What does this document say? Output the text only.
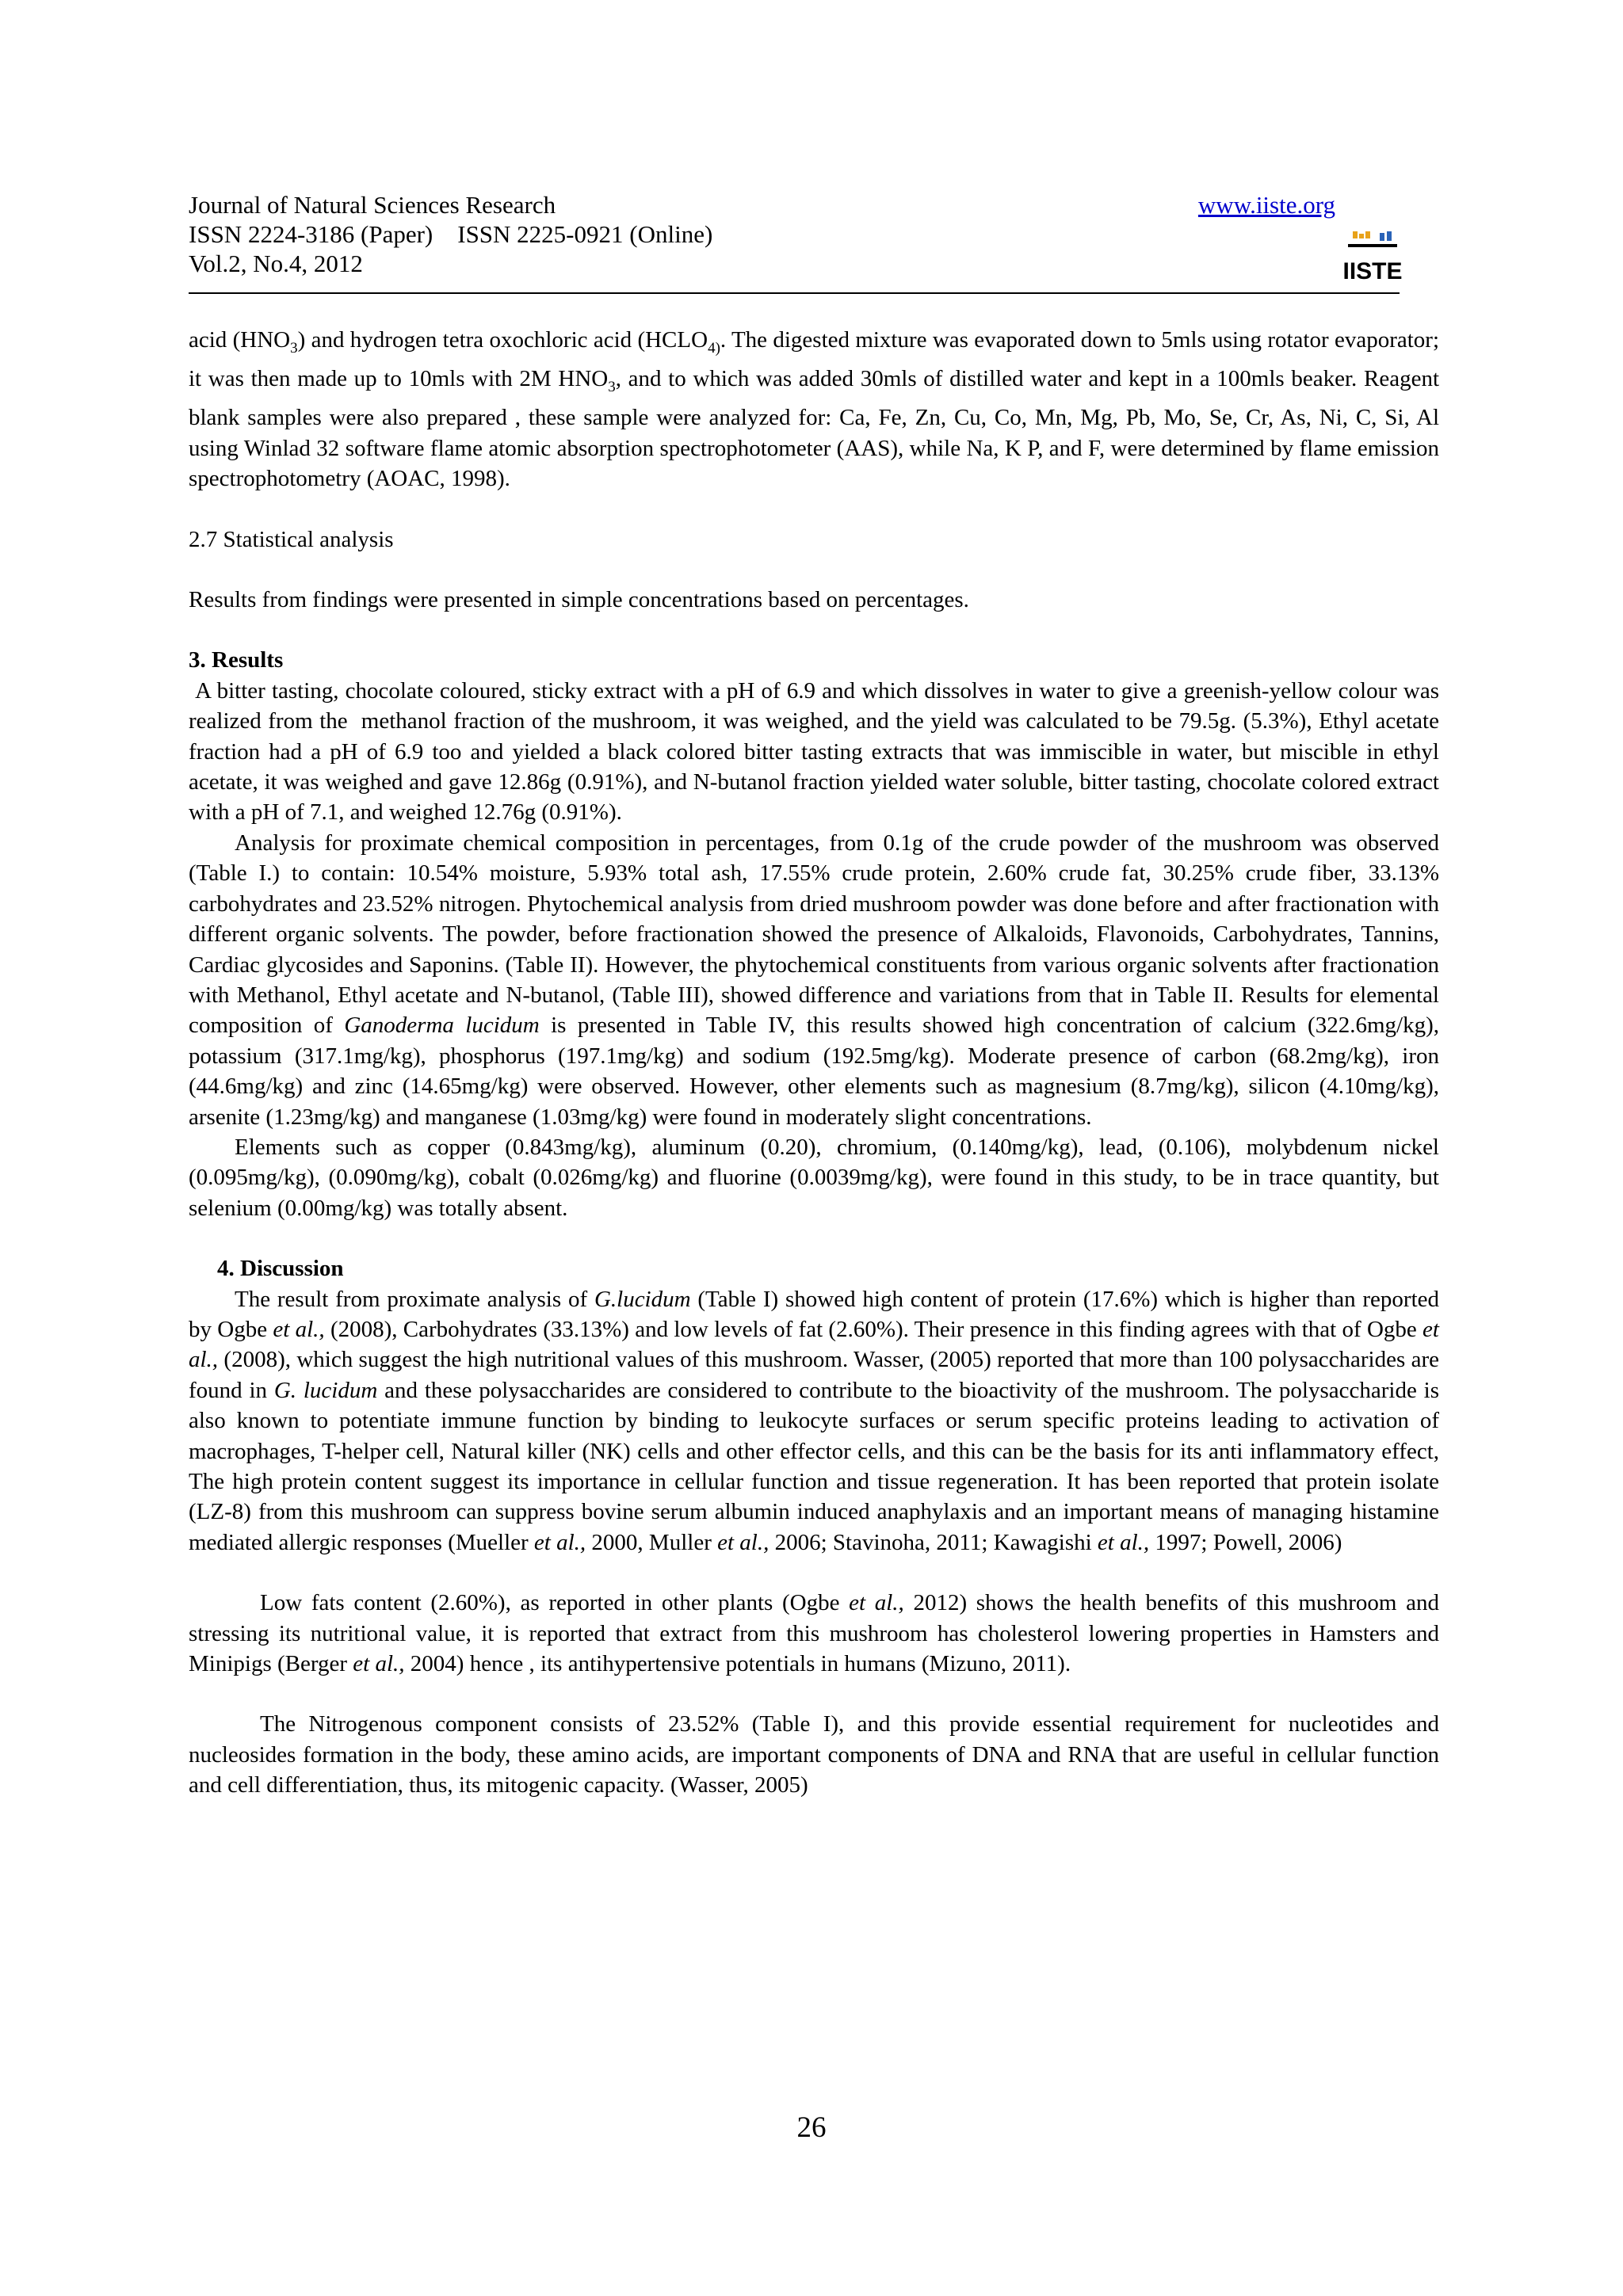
Journal of Natural Sciences Research
ISSN 2224-3186 (Paper)    ISSN 2225-0921 (Online)
Vol.2, No.4, 2012
www.iiste.org
IISTE

acid $(HNO_3)$ and hydrogen tetra oxochloric acid ($HCLO_{4)}$. The digested mixture was evaporated down to 5mls using rotator evaporator; it was then made up to 10mls with 2M $HNO_3$, and to which was added 30mls of distilled water and kept in a 100mls beaker. Reagent blank samples were also prepared , these sample were analyzed for: Ca, Fe, Zn, Cu, Co, Mn, Mg, Pb, Mo, Se, Cr, As, Ni, C, Si, Al using Winlad 32 software flame atomic absorption spectrophotometer (AAS), while Na, K P, and F, were determined by flame emission spectrophotometry (AOAC, 1998).

2.7 Statistical analysis

Results from findings were presented in simple concentrations based on percentages.

3. Results

A bitter tasting, chocolate coloured, sticky extract with a pH of 6.9 and which dissolves in water to give a greenish-yellow colour was realized from the  methanol fraction of the mushroom, it was weighed, and the yield was calculated to be 79.5g. (5.3%), Ethyl acetate fraction had a pH of 6.9 too and yielded a black colored bitter tasting extracts that was immiscible in water, but miscible in ethyl acetate, it was weighed and gave 12.86g (0.91%), and N-butanol fraction yielded water soluble, bitter tasting, chocolate colored extract with a pH of 7.1, and weighed 12.76g (0.91%).

Analysis for proximate chemical composition in percentages, from 0.1g of the crude powder of the mushroom was observed (Table I.) to contain: 10.54% moisture, 5.93% total ash, 17.55% crude protein, 2.60% crude fat, 30.25% crude fiber, 33.13% carbohydrates and 23.52% nitrogen. Phytochemical analysis from dried mushroom powder was done before and after fractionation with different organic solvents. The powder, before fractionation showed the presence of Alkaloids, Flavonoids, Carbohydrates, Tannins, Cardiac glycosides and Saponins. (Table II). However, the phytochemical constituents from various organic solvents after fractionation with Methanol, Ethyl acetate and N-butanol, (Table III), showed difference and variations from that in Table II. Results for elemental composition of Ganoderma lucidum is presented in Table IV, this results showed high concentration of calcium (322.6mg/kg), potassium (317.1mg/kg), phosphorus (197.1mg/kg) and sodium (192.5mg/kg). Moderate presence of carbon (68.2mg/kg), iron (44.6mg/kg) and zinc (14.65mg/kg) were observed. However, other elements such as magnesium (8.7mg/kg), silicon (4.10mg/kg), arsenite (1.23mg/kg) and manganese (1.03mg/kg) were found in moderately slight concentrations.

Elements such as copper (0.843mg/kg), aluminum (0.20), chromium, (0.140mg/kg), lead, (0.106), molybdenum nickel (0.095mg/kg), (0.090mg/kg), cobalt (0.026mg/kg) and fluorine (0.0039mg/kg), were found in this study, to be in trace quantity, but selenium (0.00mg/kg) was totally absent.

4. Discussion

The result from proximate analysis of G.lucidum (Table I) showed high content of protein (17.6%) which is higher than reported by Ogbe et al., (2008), Carbohydrates (33.13%) and low levels of fat (2.60%). Their presence in this finding agrees with that of Ogbe et al., (2008), which suggest the high nutritional values of this mushroom. Wasser, (2005) reported that more than 100 polysaccharides are found in G. lucidum and these polysaccharides are considered to contribute to the bioactivity of the mushroom. The polysaccharide is also known to potentiate immune function by binding to leukocyte surfaces or serum specific proteins leading to activation of macrophages, T-helper cell, Natural killer (NK) cells and other effector cells, and this can be the basis for its anti inflammatory effect, The high protein content suggest its importance in cellular function and tissue regeneration. It has been reported that protein isolate (LZ-8) from this mushroom can suppress bovine serum albumin induced anaphylaxis and an important means of managing histamine mediated allergic responses (Mueller et al., 2000, Muller et al., 2006; Stavinoha, 2011; Kawagishi et al., 1997; Powell, 2006)

Low fats content (2.60%), as reported in other plants (Ogbe et al., 2012) shows the health benefits of this mushroom and stressing its nutritional value, it is reported that extract from this mushroom has cholesterol lowering properties in Hamsters and Minipigs (Berger et al., 2004) hence , its antihypertensive potentials in humans (Mizuno, 2011).

The Nitrogenous component consists of 23.52% (Table I), and this provide essential requirement for nucleotides and nucleosides formation in the body, these amino acids, are important components of DNA and RNA that are useful in cellular function and cell differentiation, thus, its mitogenic capacity. (Wasser, 2005)

26
